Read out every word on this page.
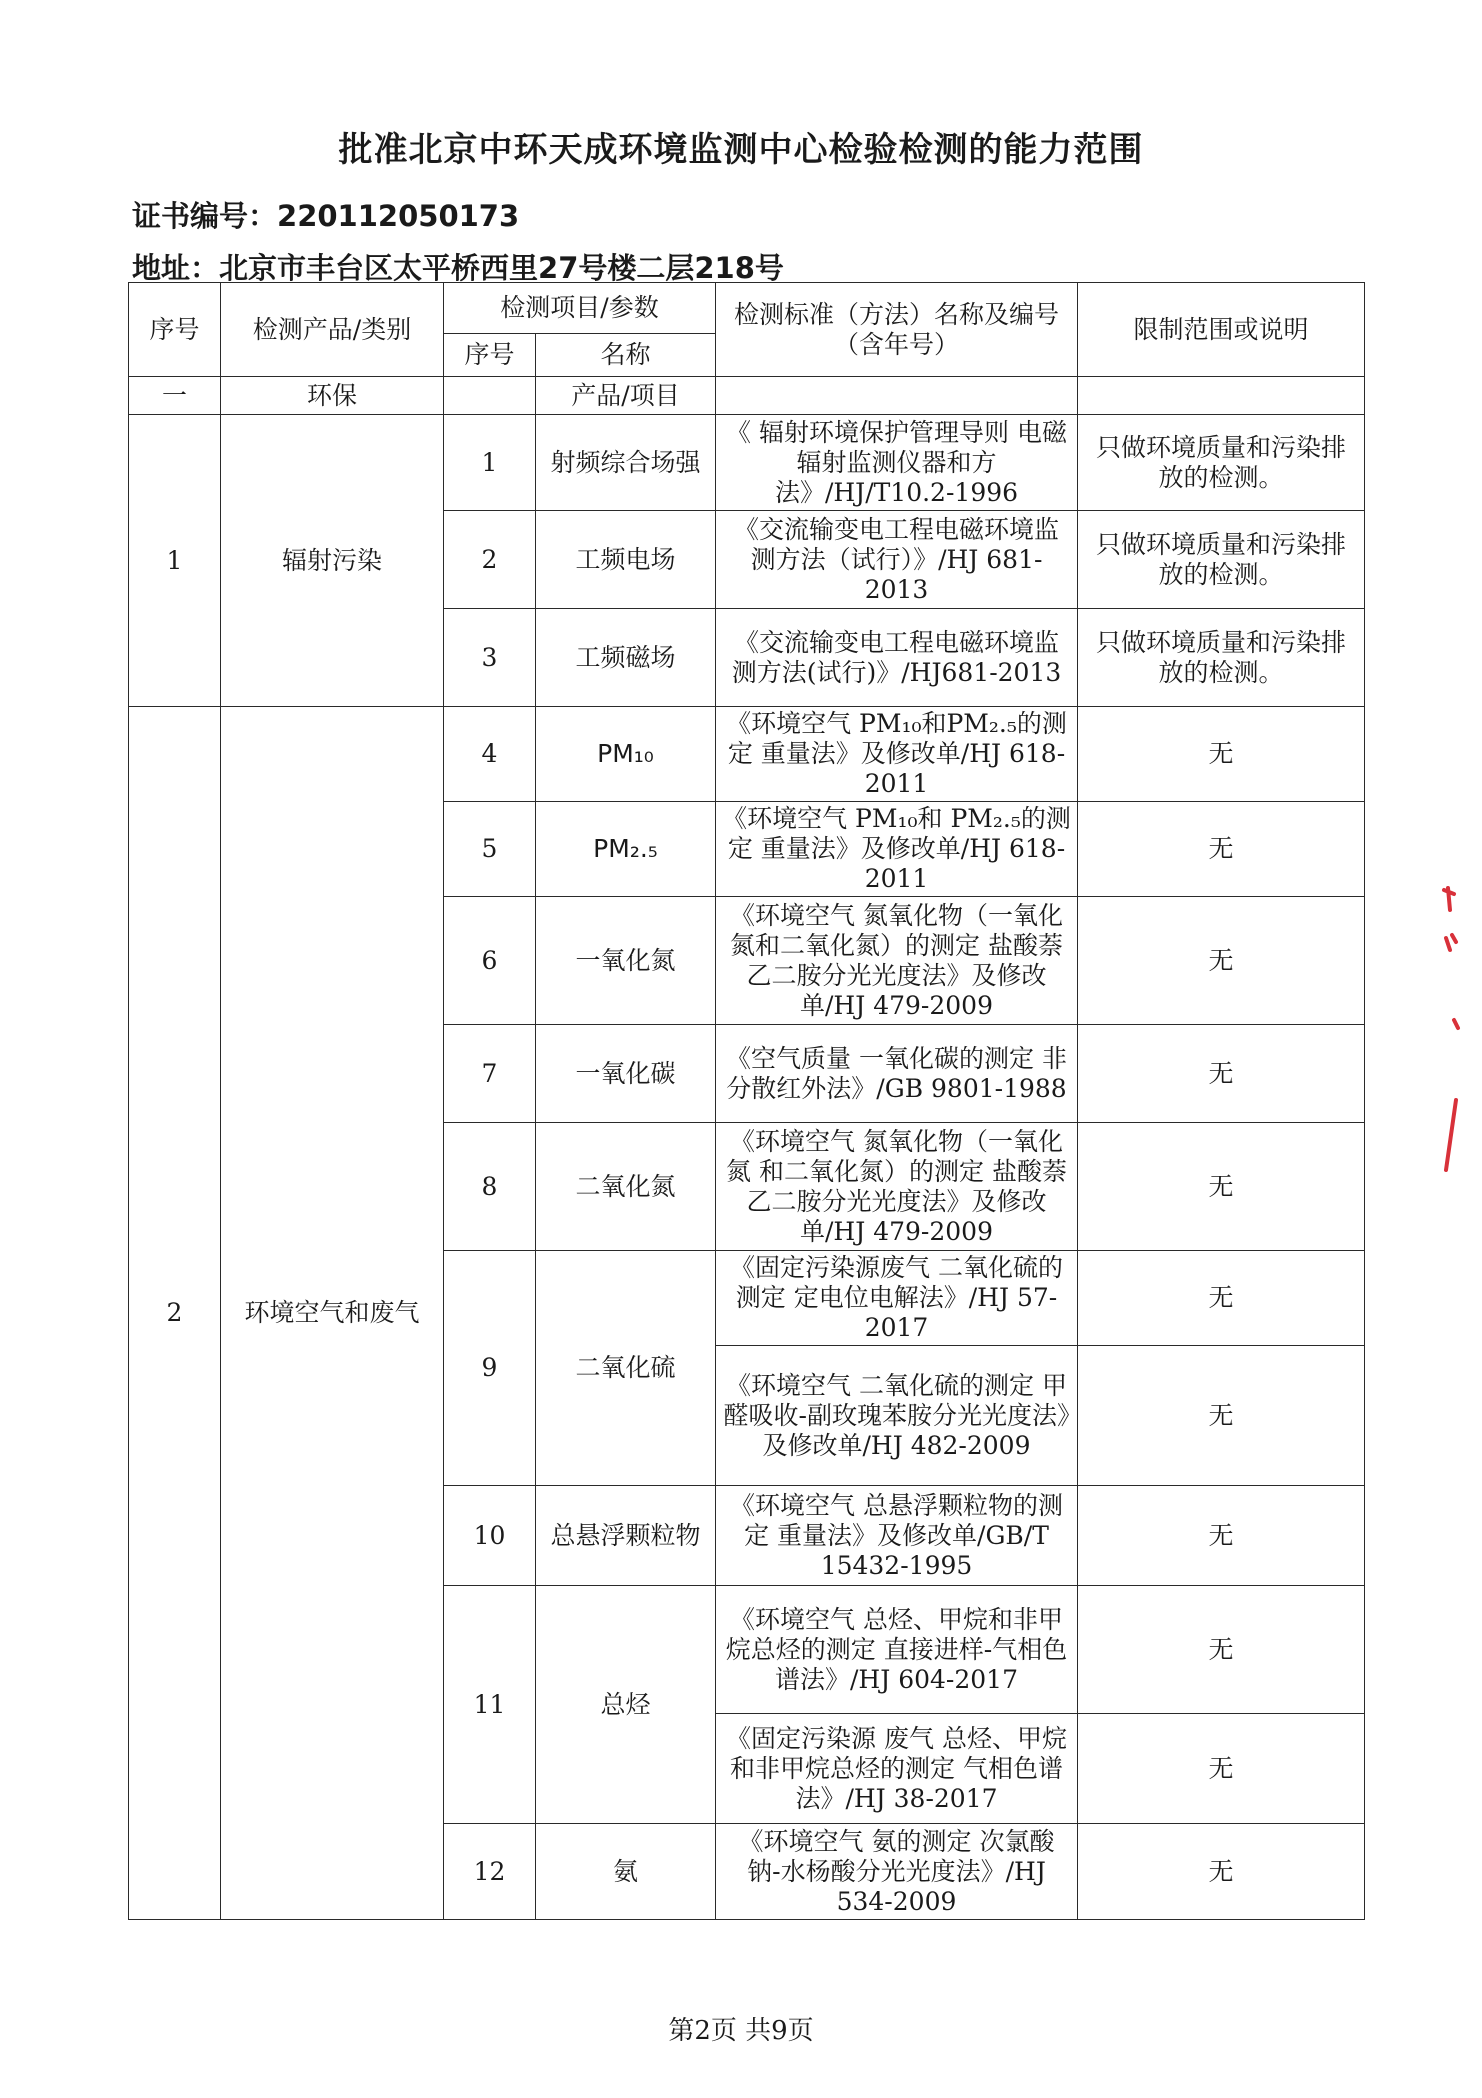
批准北京中环天成环境监测中心检验检测的能力范围
证书编号：220112050173
地址：北京市丰台区太平桥西里27号楼二层218号
序号	检测产品/类别	检测项目/参数		检测标准（方法）名称及编号（含年号）	限制范围或说明
		序号	名称		
一	环保		产品/项目		
1	辐射污染	1	射频综合场强	《 辐射环境保护管理导则 电磁辐射监测仪器和方法》/HJ/T10.2-1996	只做环境质量和污染排放的检测。
		2	工频电场	《交流输变电工程电磁环境监测方法（试行）》/HJ 681-2013	只做环境质量和污染排放的检测。
		3	工频磁场	《交流输变电工程电磁环境监测方法(试行)》/HJ681-2013	只做环境质量和污染排放的检测。
2	环境空气和废气	4	PM₁₀	《环境空气 PM₁₀和PM₂.₅的测定 重量法》及修改单/HJ 618-2011	无
		5	PM₂.₅	《环境空气 PM₁₀和 PM₂.₅的测定 重量法》及修改单/HJ 618-2011	无
		6	一氧化氮	《环境空气 氮氧化物（一氧化氮和二氧化氮）的测定 盐酸萘乙二胺分光光度法》及修改单/HJ 479-2009	无
		7	一氧化碳	《空气质量 一氧化碳的测定 非分散红外法》/GB 9801-1988	无
		8	二氧化氮	《环境空气 氮氧化物（一氧化氮 和二氧化氮）的测定 盐酸萘乙二胺分光光度法》及修改单/HJ 479-2009	无
		9	二氧化硫	《固定污染源废气 二氧化硫的测定 定电位电解法》/HJ 57-2017	无
				《环境空气 二氧化硫的测定 甲醛吸收-副玫瑰苯胺分光光度法》及修改单/HJ 482-2009	无
		10	总悬浮颗粒物	《环境空气 总悬浮颗粒物的测定 重量法》及修改单/GB/T 15432-1995	无
		11	总烃	《环境空气 总烃、甲烷和非甲烷总烃的测定 直接进样-气相色谱法》/HJ 604-2017	无
				《固定污染源 废气 总烃、甲烷和非甲烷总烃的测定 气相色谱法》/HJ 38-2017	无
		12	氨	《环境空气 氨的测定 次氯酸钠-水杨酸分光光度法》/HJ 534-2009	无
第2页 共9页
